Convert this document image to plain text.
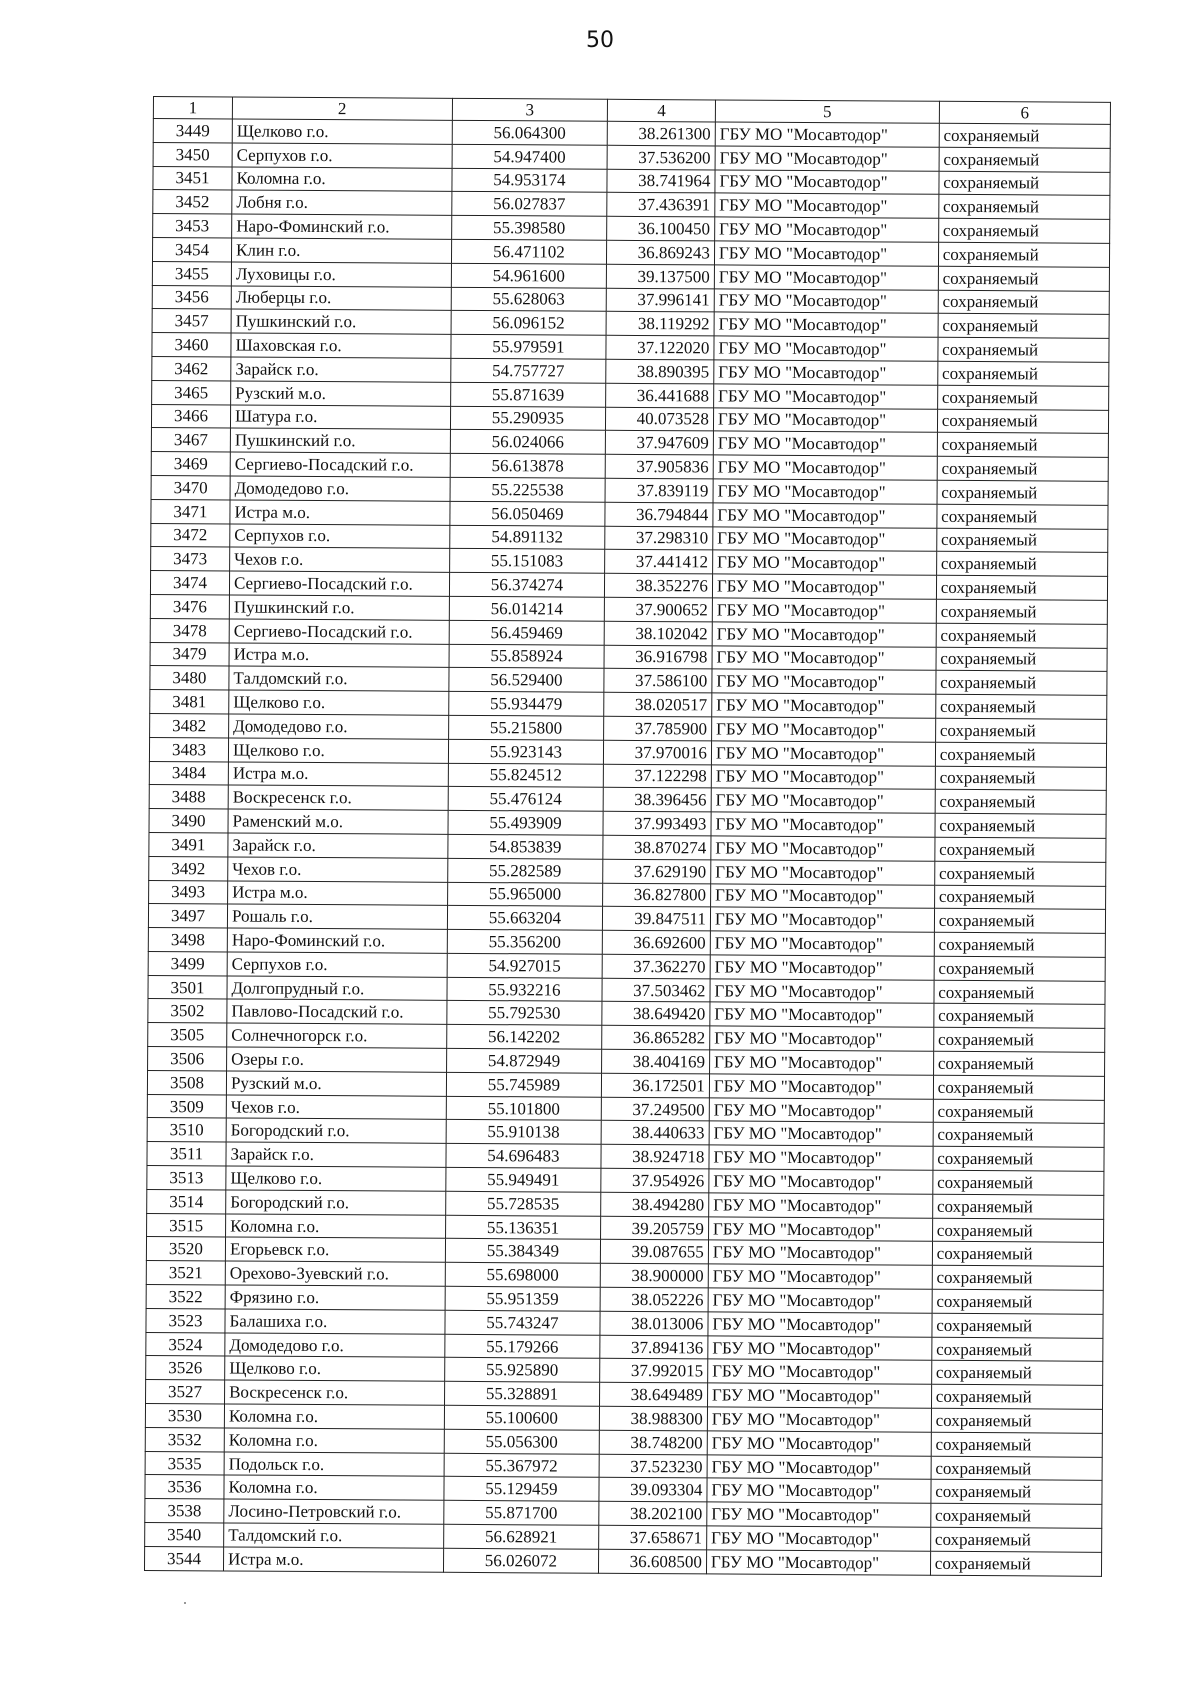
50
1	2	3	4	5	6
3449	Щелково г.о.	56.064300	38.261300	ГБУ МО "Мосавтодор"	сохраняемый
3450	Серпухов г.о.	54.947400	37.536200	ГБУ МО "Мосавтодор"	сохраняемый
3451	Коломна г.о.	54.953174	38.741964	ГБУ МО "Мосавтодор"	сохраняемый
3452	Лобня г.о.	56.027837	37.436391	ГБУ МО "Мосавтодор"	сохраняемый
3453	Наро-Фоминский г.о.	55.398580	36.100450	ГБУ МО "Мосавтодор"	сохраняемый
3454	Клин г.о.	56.471102	36.869243	ГБУ МО "Мосавтодор"	сохраняемый
3455	Луховицы г.о.	54.961600	39.137500	ГБУ МО "Мосавтодор"	сохраняемый
3456	Люберцы г.о.	55.628063	37.996141	ГБУ МО "Мосавтодор"	сохраняемый
3457	Пушкинский г.о.	56.096152	38.119292	ГБУ МО "Мосавтодор"	сохраняемый
3460	Шаховская г.о.	55.979591	37.122020	ГБУ МО "Мосавтодор"	сохраняемый
3462	Зарайск г.о.	54.757727	38.890395	ГБУ МО "Мосавтодор"	сохраняемый
3465	Рузский м.о.	55.871639	36.441688	ГБУ МО "Мосавтодор"	сохраняемый
3466	Шатура г.о.	55.290935	40.073528	ГБУ МО "Мосавтодор"	сохраняемый
3467	Пушкинский г.о.	56.024066	37.947609	ГБУ МО "Мосавтодор"	сохраняемый
3469	Сергиево-Посадский г.о.	56.613878	37.905836	ГБУ МО "Мосавтодор"	сохраняемый
3470	Домодедово г.о.	55.225538	37.839119	ГБУ МО "Мосавтодор"	сохраняемый
3471	Истра м.о.	56.050469	36.794844	ГБУ МО "Мосавтодор"	сохраняемый
3472	Серпухов г.о.	54.891132	37.298310	ГБУ МО "Мосавтодор"	сохраняемый
3473	Чехов г.о.	55.151083	37.441412	ГБУ МО "Мосавтодор"	сохраняемый
3474	Сергиево-Посадский г.о.	56.374274	38.352276	ГБУ МО "Мосавтодор"	сохраняемый
3476	Пушкинский г.о.	56.014214	37.900652	ГБУ МО "Мосавтодор"	сохраняемый
3478	Сергиево-Посадский г.о.	56.459469	38.102042	ГБУ МО "Мосавтодор"	сохраняемый
3479	Истра м.о.	55.858924	36.916798	ГБУ МО "Мосавтодор"	сохраняемый
3480	Талдомский г.о.	56.529400	37.586100	ГБУ МО "Мосавтодор"	сохраняемый
3481	Щелково г.о.	55.934479	38.020517	ГБУ МО "Мосавтодор"	сохраняемый
3482	Домодедово г.о.	55.215800	37.785900	ГБУ МО "Мосавтодор"	сохраняемый
3483	Щелково г.о.	55.923143	37.970016	ГБУ МО "Мосавтодор"	сохраняемый
3484	Истра м.о.	55.824512	37.122298	ГБУ МО "Мосавтодор"	сохраняемый
3488	Воскресенск г.о.	55.476124	38.396456	ГБУ МО "Мосавтодор"	сохраняемый
3490	Раменский м.о.	55.493909	37.993493	ГБУ МО "Мосавтодор"	сохраняемый
3491	Зарайск г.о.	54.853839	38.870274	ГБУ МО "Мосавтодор"	сохраняемый
3492	Чехов г.о.	55.282589	37.629190	ГБУ МО "Мосавтодор"	сохраняемый
3493	Истра м.о.	55.965000	36.827800	ГБУ МО "Мосавтодор"	сохраняемый
3497	Рошаль г.о.	55.663204	39.847511	ГБУ МО "Мосавтодор"	сохраняемый
3498	Наро-Фоминский г.о.	55.356200	36.692600	ГБУ МО "Мосавтодор"	сохраняемый
3499	Серпухов г.о.	54.927015	37.362270	ГБУ МО "Мосавтодор"	сохраняемый
3501	Долгопрудный г.о.	55.932216	37.503462	ГБУ МО "Мосавтодор"	сохраняемый
3502	Павлово-Посадский г.о.	55.792530	38.649420	ГБУ МО "Мосавтодор"	сохраняемый
3505	Солнечногорск г.о.	56.142202	36.865282	ГБУ МО "Мосавтодор"	сохраняемый
3506	Озеры г.о.	54.872949	38.404169	ГБУ МО "Мосавтодор"	сохраняемый
3508	Рузский м.о.	55.745989	36.172501	ГБУ МО "Мосавтодор"	сохраняемый
3509	Чехов г.о.	55.101800	37.249500	ГБУ МО "Мосавтодор"	сохраняемый
3510	Богородский г.о.	55.910138	38.440633	ГБУ МО "Мосавтодор"	сохраняемый
3511	Зарайск г.о.	54.696483	38.924718	ГБУ МО "Мосавтодор"	сохраняемый
3513	Щелково г.о.	55.949491	37.954926	ГБУ МО "Мосавтодор"	сохраняемый
3514	Богородский г.о.	55.728535	38.494280	ГБУ МО "Мосавтодор"	сохраняемый
3515	Коломна г.о.	55.136351	39.205759	ГБУ МО "Мосавтодор"	сохраняемый
3520	Егорьевск г.о.	55.384349	39.087655	ГБУ МО "Мосавтодор"	сохраняемый
3521	Орехово-Зуевский г.о.	55.698000	38.900000	ГБУ МО "Мосавтодор"	сохраняемый
3522	Фрязино г.о.	55.951359	38.052226	ГБУ МО "Мосавтодор"	сохраняемый
3523	Балашиха г.о.	55.743247	38.013006	ГБУ МО "Мосавтодор"	сохраняемый
3524	Домодедово г.о.	55.179266	37.894136	ГБУ МО "Мосавтодор"	сохраняемый
3526	Щелково г.о.	55.925890	37.992015	ГБУ МО "Мосавтодор"	сохраняемый
3527	Воскресенск г.о.	55.328891	38.649489	ГБУ МО "Мосавтодор"	сохраняемый
3530	Коломна г.о.	55.100600	38.988300	ГБУ МО "Мосавтодор"	сохраняемый
3532	Коломна г.о.	55.056300	38.748200	ГБУ МО "Мосавтодор"	сохраняемый
3535	Подольск г.о.	55.367972	37.523230	ГБУ МО "Мосавтодор"	сохраняемый
3536	Коломна г.о.	55.129459	39.093304	ГБУ МО "Мосавтодор"	сохраняемый
3538	Лосино-Петровский г.о.	55.871700	38.202100	ГБУ МО "Мосавтодор"	сохраняемый
3540	Талдомский г.о.	56.628921	37.658671	ГБУ МО "Мосавтодор"	сохраняемый
3544	Истра м.о.	56.026072	36.608500	ГБУ МО "Мосавтодор"	сохраняемый
